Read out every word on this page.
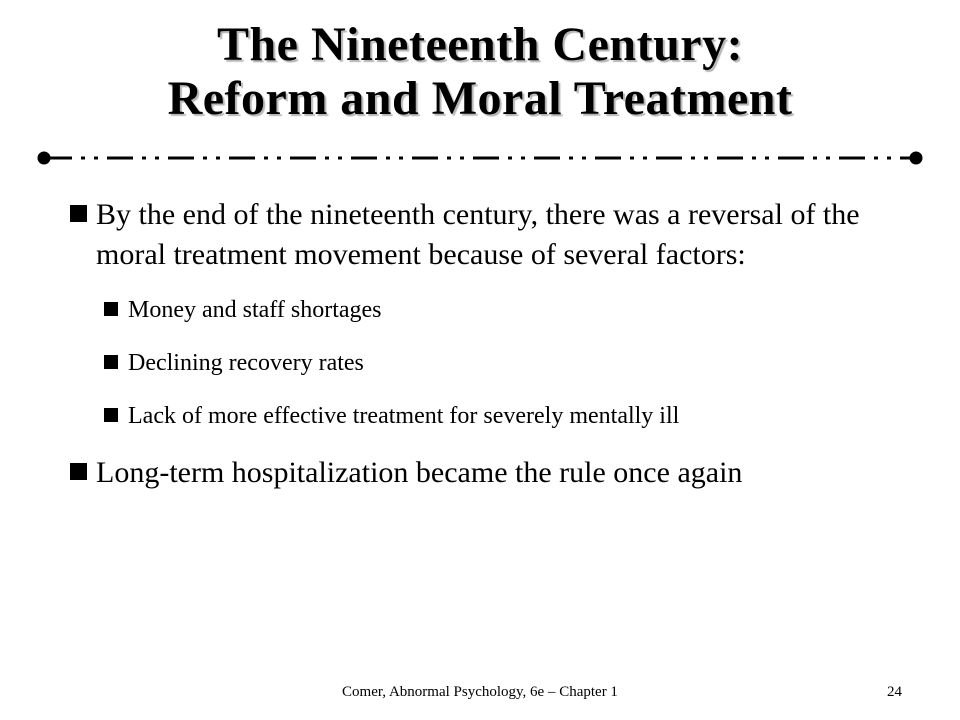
The Nineteenth Century:
Reform and Moral Treatment
By the end of the nineteenth century, there was a reversal of the moral treatment movement because of several factors:
Money and staff shortages
Declining recovery rates
Lack of more effective treatment for severely mentally ill
Long-term hospitalization became the rule once again
Comer, Abnormal Psychology, 6e – Chapter 1	24
